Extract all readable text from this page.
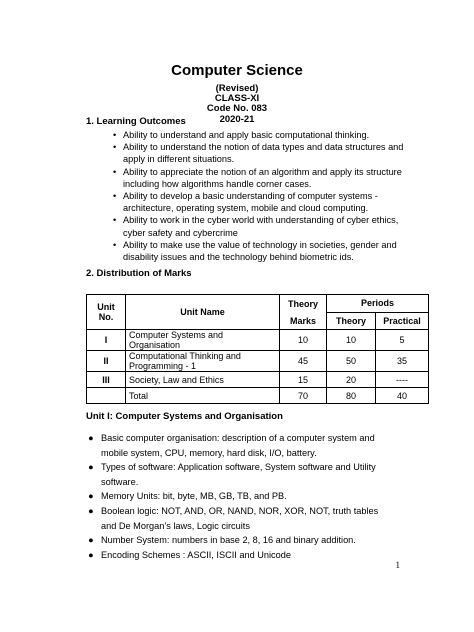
Computer Science
(Revised)
CLASS-XI
Code No. 083
2020-21
1. Learning Outcomes
• Ability to understand and apply basic computational thinking.
• Ability to understand the notion of data types and data structures and apply in different situations.
• Ability to appreciate the notion of an algorithm and apply its structure including how algorithms handle corner cases.
• Ability to develop a basic understanding of computer systems - architecture, operating system, mobile and cloud computing.
• Ability to work in the cyber world with understanding of cyber ethics, cyber safety and cybercrime
• Ability to make use the value of technology in societies, gender and disability issues and the technology behind biometric ids.
2. Distribution of Marks
Unit No.	Unit Name	Theory	Periods	
		Marks	Theory	Practical
I	Computer Systems and Organisation	10	10	5
II	Computational Thinking and Programming - 1	45	50	35
III	Society, Law and Ethics	15	20	----
	Total	70	80	40
Unit I: Computer Systems and Organisation
● Basic computer organisation: description of a computer system and mobile system, CPU, memory, hard disk, I/O, battery.
● Types of software: Application software, System software and Utility software.
● Memory Units: bit, byte, MB, GB, TB, and PB.
● Boolean logic: NOT, AND, OR, NAND, NOR, XOR, NOT, truth tables and De Morgan’s laws, Logic circuits
● Number System: numbers in base 2, 8, 16 and binary addition.
● Encoding Schemes : ASCII, ISCII and Unicode
1
